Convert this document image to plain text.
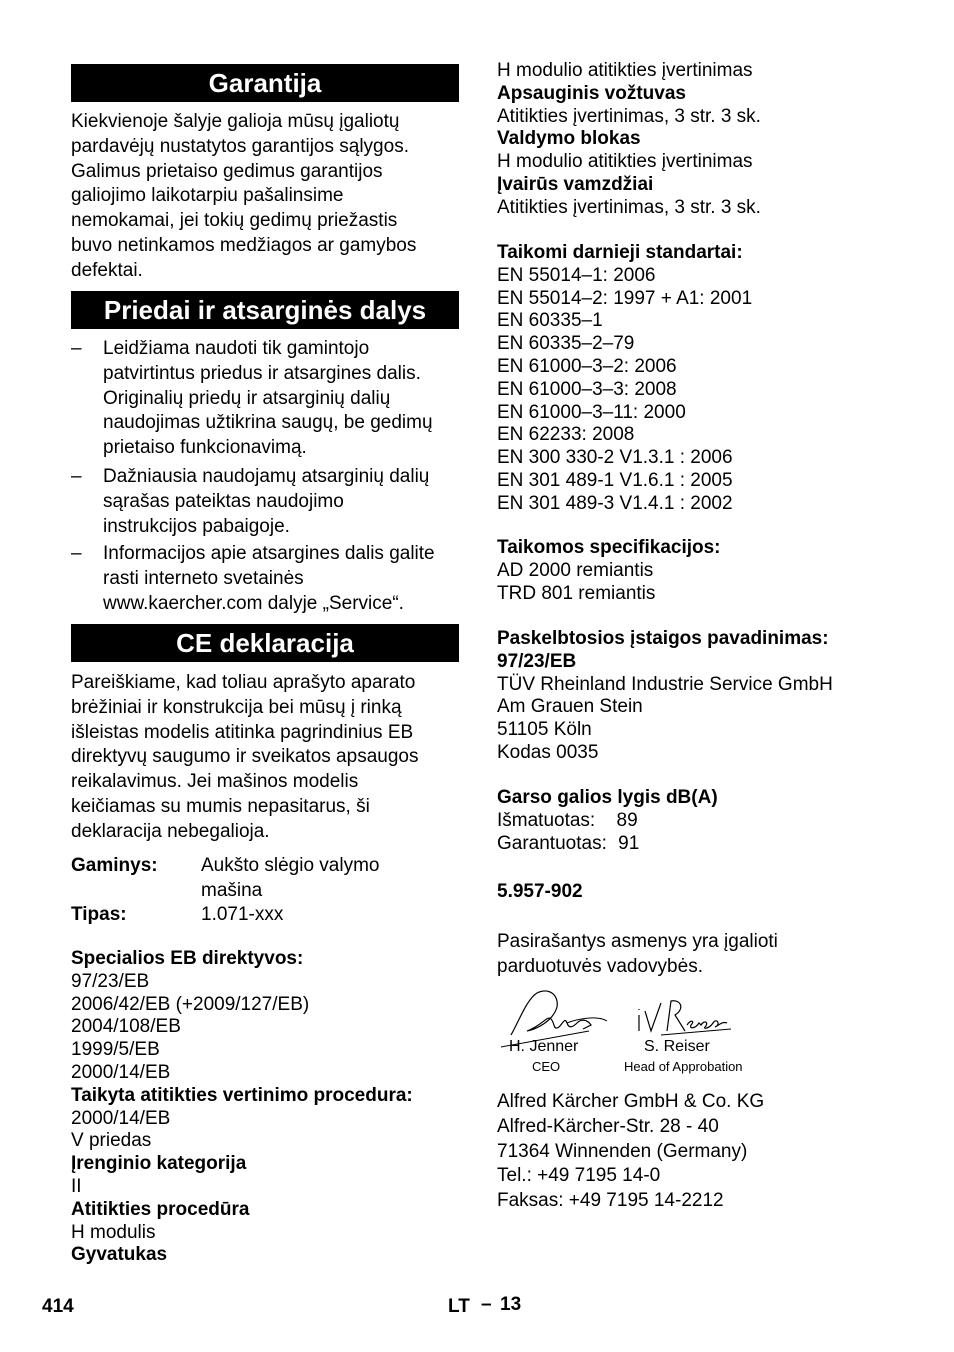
Garantija
Kiekvienoje šalyje galioja mūsų įgaliotų
pardavėjų nustatytos garantijos sąlygos.
Galimus prietaiso gedimus garantijos
galiojimo laikotarpiu pašalinsime
nemokamai, jei tokių gedimų priežastis
buvo netinkamos medžiagos ar gamybos
defektai.
Priedai ir atsarginės dalys
– Leidžiama naudoti tik gamintojo
patvirtintus priedus ir atsargines dalis.
Originalių priedų ir atsarginių dalių
naudojimas užtikrina saugų, be gedimų
prietaiso funkcionavimą.
– Dažniausia naudojamų atsarginių dalių
sąrašas pateiktas naudojimo
instrukcijos pabaigoje.
– Informacijos apie atsargines dalis galite
rasti interneto svetainės
www.kaercher.com dalyje „Service“.
CE deklaracija
Pareiškiame, kad toliau aprašyto aparato
brėžiniai ir konstrukcija bei mūsų į rinką
išleistas modelis atitinka pagrindinius EB
direktyvų saugumo ir sveikatos apsaugos
reikalavimus. Jei mašinos modelis
keičiamas su mumis nepasitarus, ši
deklaracija nebegalioja.
Gaminys: Aukšto slėgio valymo
mašina
Tipas:	1.071-xxx
Specialios EB direktyvos:
97/23/EB
2006/42/EB (+2009/127/EB)
2004/108/EB
1999/5/EB
2000/14/EB
Taikyta atitikties vertinimo procedura:
2000/14/EB
V priedas
Įrenginio kategorija
II
Atitikties procedūra
H modulis
Gyvatukas
H modulio atitikties įvertinimas
Apsauginis vožtuvas
Atitikties įvertinimas, 3 str. 3 sk.
Valdymo blokas
H modulio atitikties įvertinimas
Įvairūs vamzdžiai
Atitikties įvertinimas, 3 str. 3 sk.
Taikomi darnieji standartai:
EN 55014–1: 2006
EN 55014–2: 1997 + A1: 2001
EN 60335–1
EN 60335–2–79
EN 61000–3–2: 2006
EN 61000–3–3: 2008
EN 61000–3–11: 2000
EN 62233: 2008
EN 300 330-2 V1.3.1 : 2006
EN 301 489-1 V1.6.1 : 2005
EN 301 489-3 V1.4.1 : 2002
Taikomos specifikacijos:
AD 2000 remiantis
TRD 801 remiantis
Paskelbtosios įstaigos pavadinimas:
97/23/EB
TÜV Rheinland Industrie Service GmbH
Am Grauen Stein
51105 Köln
Kodas 0035
Garso galios lygis dB(A)
Išmatuotas: 89
Garantuotas: 91
5.957-902
Pasirašantys asmenys yra įgalioti
parduotuvės vadovybės.
H. Jenner
CEO
S. Reiser
Head of Approbation
Alfred Kärcher GmbH & Co. KG
Alfred-Kärcher-Str. 28 - 40
71364 Winnenden (Germany)
Tel.: +49 7195 14-0
Faksas: +49 7195 14-2212
414	LT – 13
